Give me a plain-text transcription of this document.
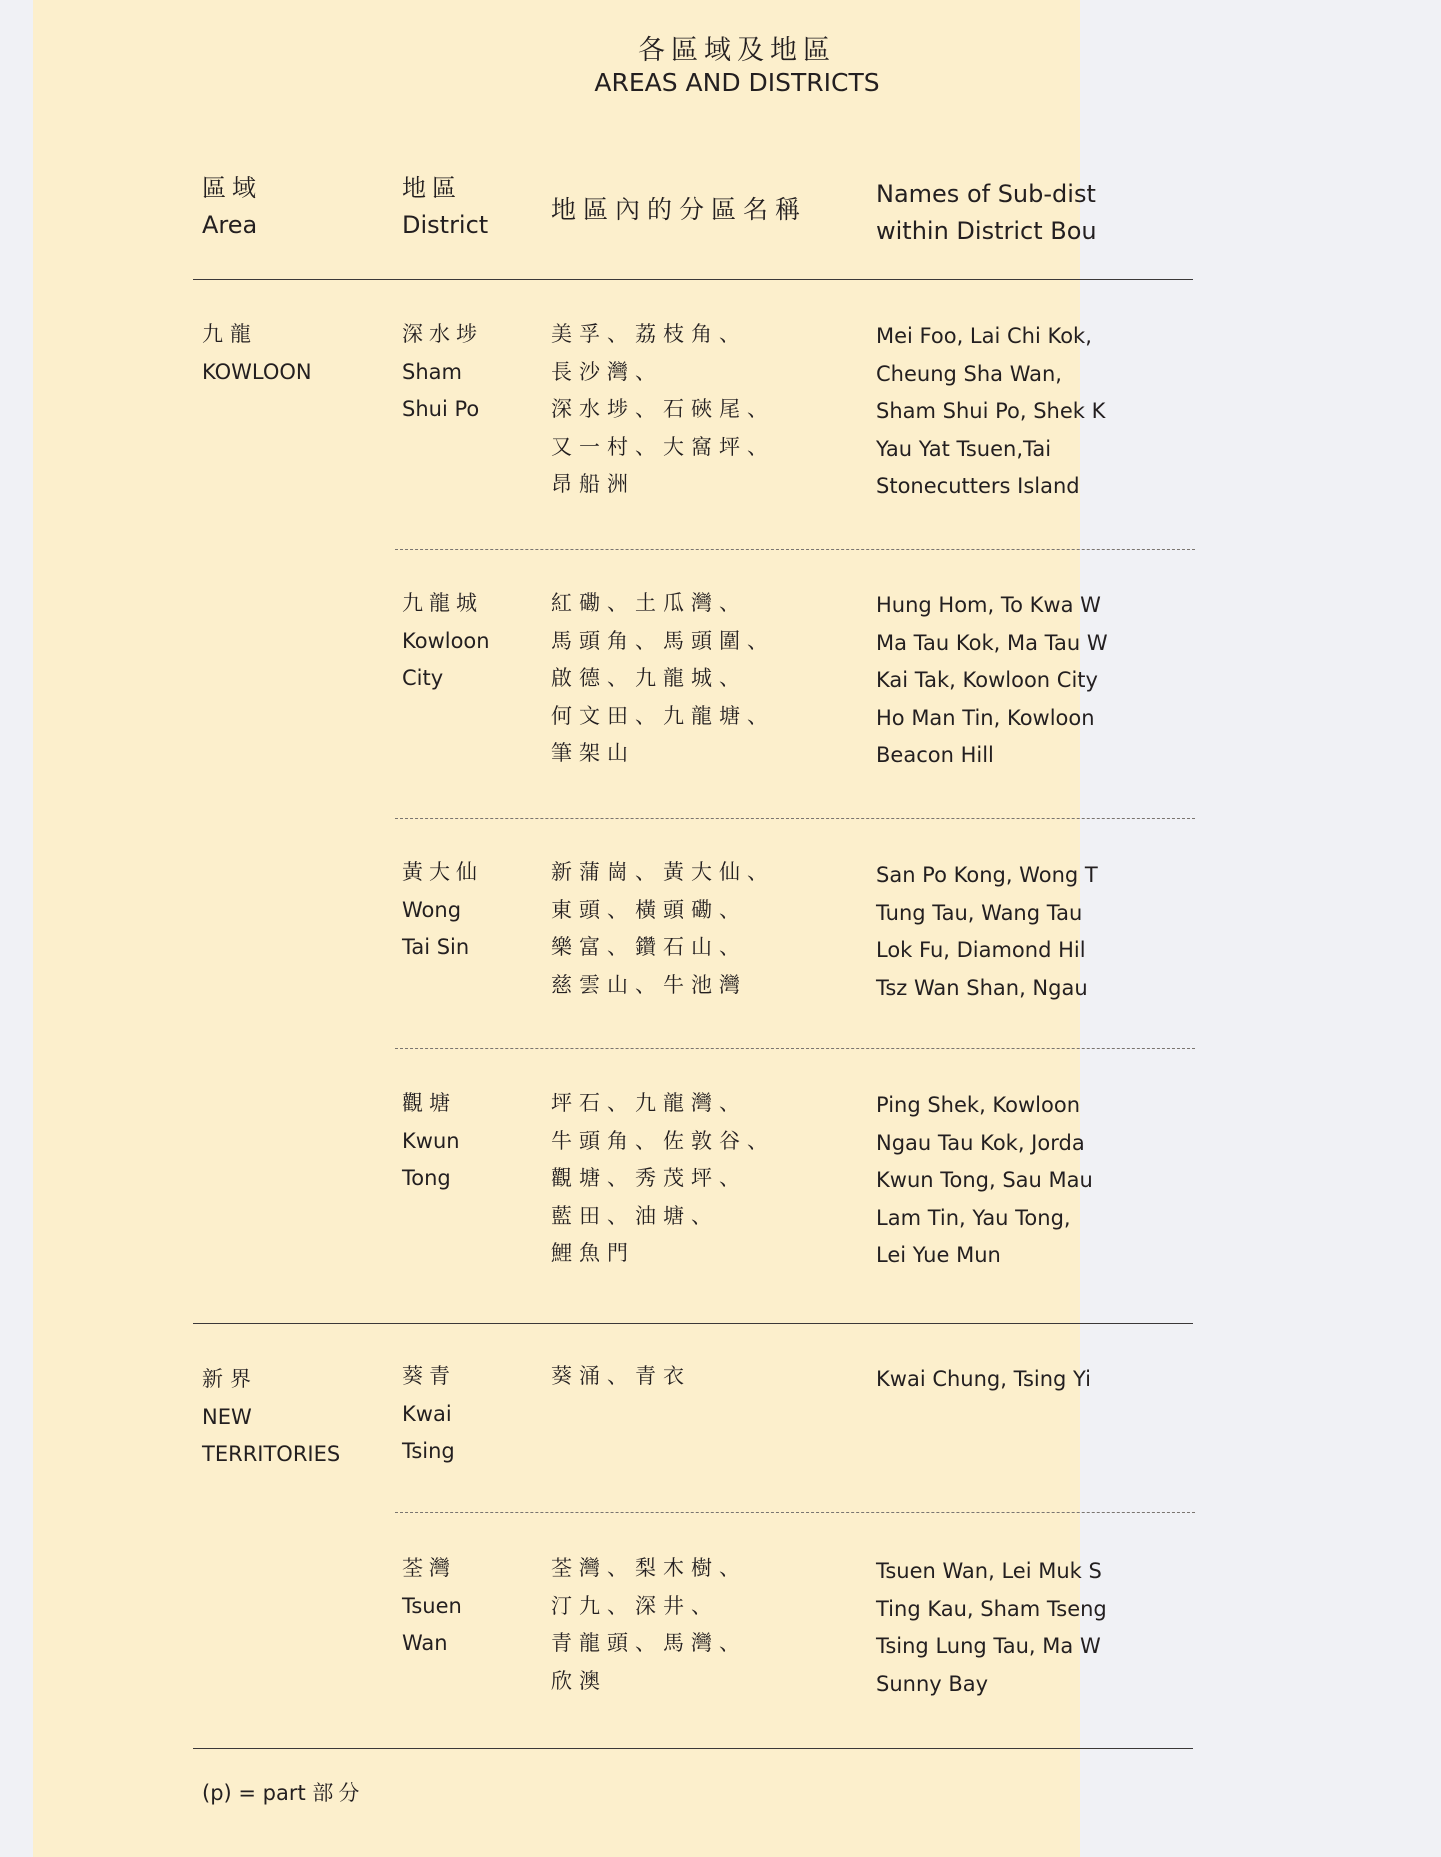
各區域及地區
AREAS AND DISTRICTS
區域
Area
地區
District
地區內的分區名稱
Names of Sub-dist
within District Bou
九龍
KOWLOON
新界
NEW
TERRITORIES
深水埗
Sham
Shui Po
美孚、荔枝角、
長沙灣、
深水埗、石硤尾、
又一村、大窩坪、
昂船洲
Mei Foo, Lai Chi Kok,
Cheung Sha Wan,
Sham Shui Po, Shek K
Yau Yat Tsuen,Tai
Stonecutters Island
九龍城
Kowloon
City
紅磡、土瓜灣、
馬頭角、馬頭圍、
啟德、九龍城、
何文田、九龍塘、
筆架山
Hung Hom, To Kwa W
Ma Tau Kok, Ma Tau W
Kai Tak, Kowloon City
Ho Man Tin, Kowloon
Beacon Hill
黃大仙
Wong
Tai Sin
新蒲崗、黃大仙、
東頭、橫頭磡、
樂富、鑽石山、
慈雲山、牛池灣
San Po Kong, Wong T
Tung Tau, Wang Tau
Lok Fu, Diamond Hil
Tsz Wan Shan, Ngau
觀塘
Kwun
Tong
坪石、九龍灣、
牛頭角、佐敦谷、
觀塘、秀茂坪、
藍田、油塘、
鯉魚門
Ping Shek, Kowloon
Ngau Tau Kok, Jorda
Kwun Tong, Sau Mau
Lam Tin, Yau Tong,
Lei Yue Mun
葵青
Kwai
Tsing
葵涌、青衣	Kwai Chung, Tsing Yi
荃灣
Tsuen
Wan
荃灣、梨木樹、
汀九、深井、
青龍頭、馬灣、
欣澳
Tsuen Wan, Lei Muk S
Ting Kau, Sham Tseng
Tsing Lung Tau, Ma W
Sunny Bay
(p) = part 部分
